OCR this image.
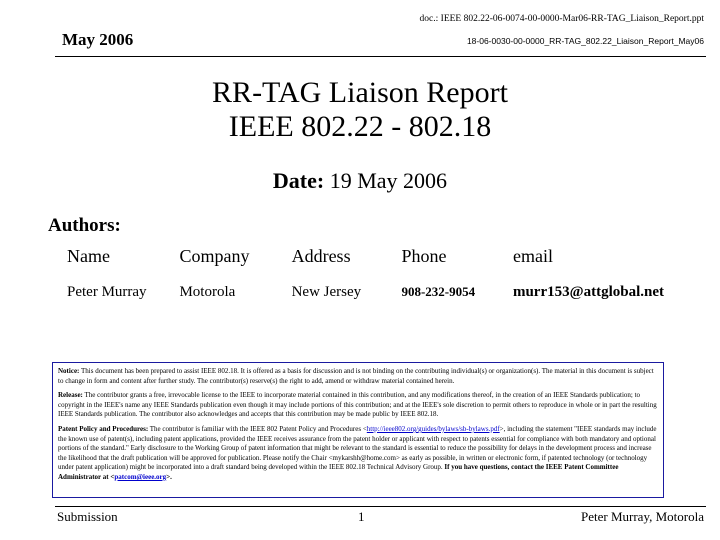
doc.: IEEE 802.22-06-0074-00-0000-Mar06-RR-TAG_Liaison_Report.ppt
May 2006	18-06-0030-00-0000_RR-TAG_802.22_Liaison_Report_May06
RR-TAG Liaison Report
IEEE 802.22 - 802.18
Date: 19 May 2006
Authors:
Name	Company	Address	Phone	email
Peter Murray	Motorola	New Jersey	908-232-9054	murr153@attglobal.net

Notice: This document has been prepared to assist IEEE 802.18. It is offered as a basis for discussion and is not binding on the contributing individual(s) or organization(s). The material in this document is subject to change in form and content after further study. The contributor(s) reserve(s) the right to add, amend or withdraw material contained herein.

Release: The contributor grants a free, irrevocable license to the IEEE to incorporate material contained in this contribution, and any modifications thereof, in the creation of an IEEE Standards publication; to copyright in the IEEE's name any IEEE Standards publication even though it may include portions of this contribution; and at the IEEE's sole discretion to permit others to reproduce in whole or in part the resulting IEEE Standards publication. The contributor also acknowledges and accepts that this contribution may be made public by IEEE 802.18.

Patent Policy and Procedures: The contributor is familiar with the IEEE 802 Patent Policy and Procedures <http://ieee802.org/guides/bylaws/sb-bylaws.pdf>, including the statement "IEEE standards may include the known use of patent(s), including patent applications, provided the IEEE receives assurance from the patent holder or applicant with respect to patents essential for compliance with both mandatory and optional portions of the standard." Early disclosure to the Working Group of patent information that might be relevant to the standard is essential to reduce the possibility for delays in the development process and increase the likelihood that the draft publication will be approved for publication. Please notify the Chair <mykarshh@home.com> as early as possible, in written or electronic form, if patented technology (or technology under patent application) might be incorporated into a draft standard being developed within the IEEE 802.18 Technical Advisory Group. If you have questions, contact the IEEE Patent Committee Administrator at <patcom@ieee.org>.

Submission	1	Peter Murray, Motorola
